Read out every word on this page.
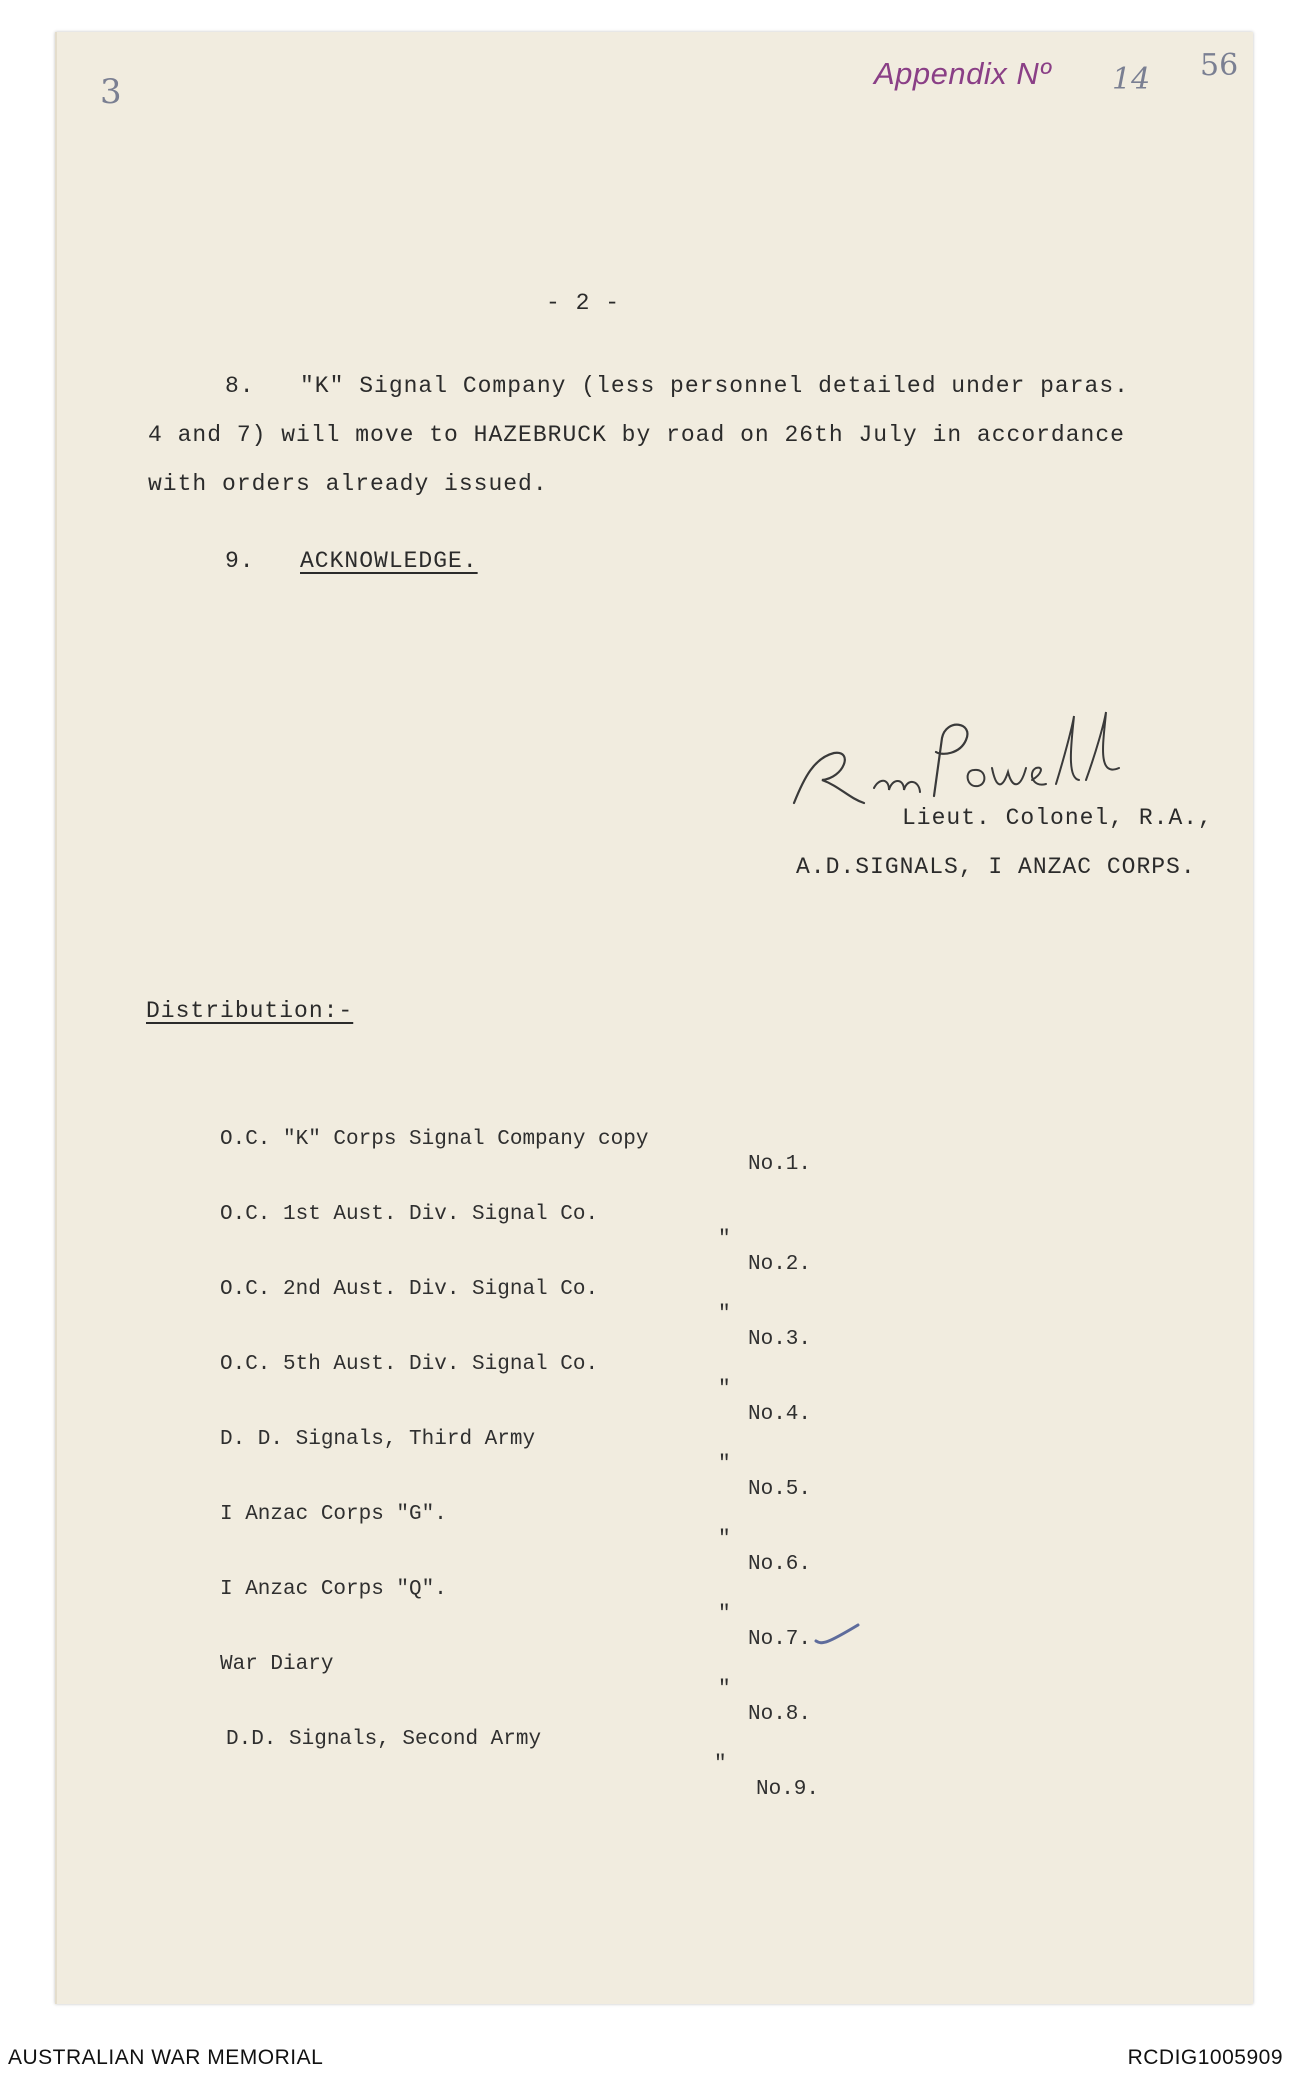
3	Appendix Nº 14 56
- 2 -
8. "K" Signal Company (less personnel detailed under paras.
4 and 7) will move to HAZEBRUCK by road on 26th July in accordance
with orders already issued.
9. ACKNOWLEDGE.

Lieut. Colonel, R.A.,
A.D.SIGNALS, I ANZAC CORPS.
Distribution:-

O.C. "K" Corps Signal Company copy

No.1.

O.C. 1st Aust. Div. Signal Co.

"

No.2.

O.C. 2nd Aust. Div. Signal Co.

"

No.3.

O.C. 5th Aust. Div. Signal Co.

"

No.4.

D. D. Signals, Third Army

"

No.5.

I Anzac Corps "G".

"

No.6.

I Anzac Corps "Q".

"

No.7.

War Diary

"

No.8.

D.D. Signals, Second Army

"

No.9.

AUSTRALIAN WAR MEMORIAL	RCDIG1005909
